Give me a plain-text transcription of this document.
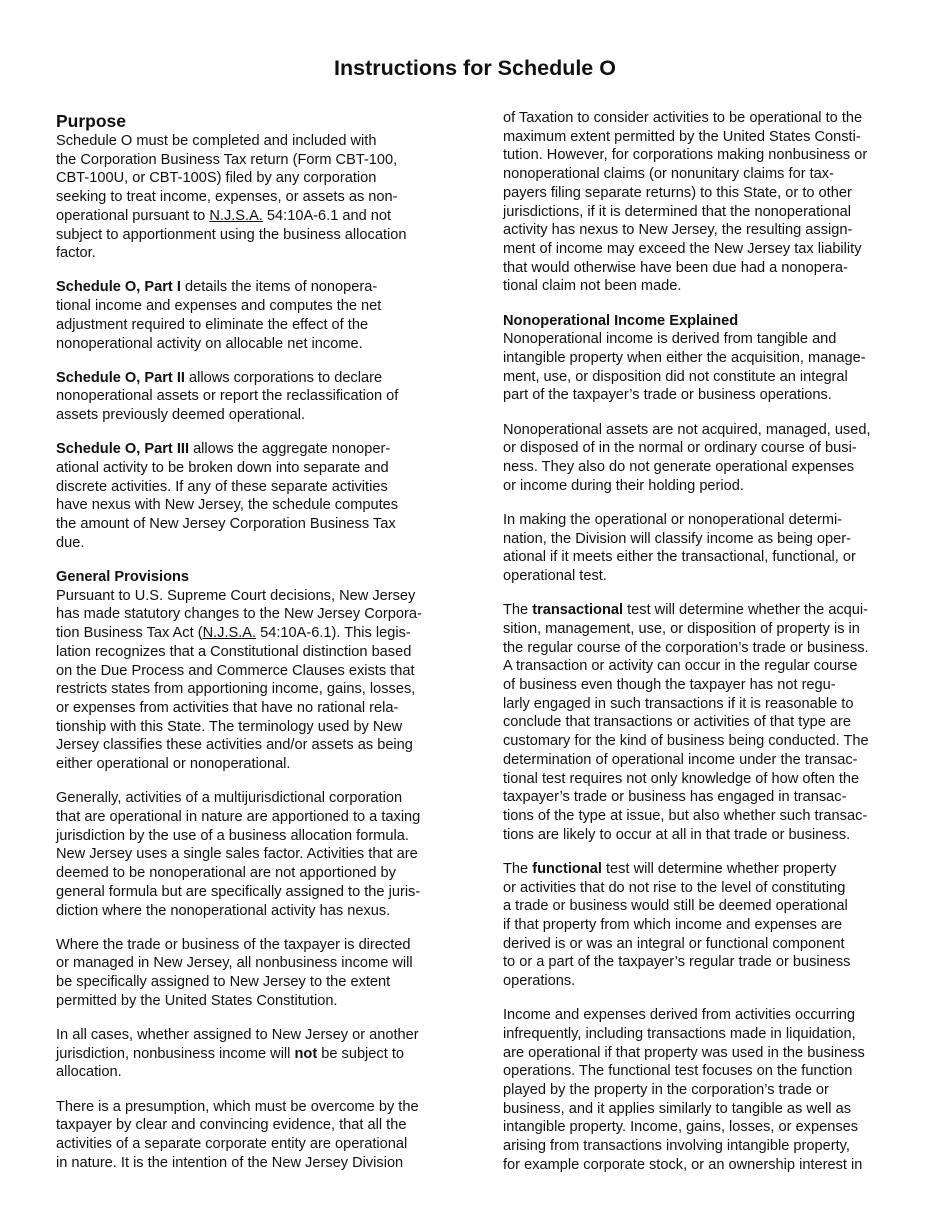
Instructions for Schedule O
Purpose
Schedule O must be completed and included with
the Corporation Business Tax return (Form CBT-100,
CBT-100U, or CBT-100S) filed by any corporation
seeking to treat income, expenses, or assets as non-
operational pursuant to N.J.S.A. 54:10A-6.1 and not
subject to apportionment using the business allocation
factor.
Schedule O, Part I details the items of nonopera-
tional income and expenses and computes the net
adjustment required to eliminate the effect of the
nonoperational activity on allocable net income.
Schedule O, Part II allows corporations to declare
nonoperational assets or report the reclassification of
assets previously deemed operational.
Schedule O, Part III allows the aggregate nonoper-
ational activity to be broken down into separate and
discrete activities. If any of these separate activities
have nexus with New Jersey, the schedule computes
the amount of New Jersey Corporation Business Tax
due.
General Provisions
Pursuant to U.S. Supreme Court decisions, New Jersey
has made statutory changes to the New Jersey Corpora-
tion Business Tax Act (N.J.S.A. 54:10A-6.1). This legis-
lation recognizes that a Constitutional distinction based
on the Due Process and Commerce Clauses exists that
restricts states from apportioning income, gains, losses,
or expenses from activities that have no rational rela-
tionship with this State. The terminology used by New
Jersey classifies these activities and/or assets as being
either operational or nonoperational.
Generally, activities of a multijurisdictional corporation
that are operational in nature are apportioned to a taxing
jurisdiction by the use of a business allocation formula.
New Jersey uses a single sales factor. Activities that are
deemed to be nonoperational are not apportioned by
general formula but are specifically assigned to the juris-
diction where the nonoperational activity has nexus.
Where the trade or business of the taxpayer is directed
or managed in New Jersey, all nonbusiness income will
be specifically assigned to New Jersey to the extent
permitted by the United States Constitution.
In all cases, whether assigned to New Jersey or another
jurisdiction, nonbusiness income will not be subject to
allocation.
There is a presumption, which must be overcome by the
taxpayer by clear and convincing evidence, that all the
activities of a separate corporate entity are operational
in nature. It is the intention of the New Jersey Division
of Taxation to consider activities to be operational to the
maximum extent permitted by the United States Consti-
tution. However, for corporations making nonbusiness or
nonoperational claims (or nonunitary claims for tax-
payers filing separate returns) to this State, or to other
jurisdictions, if it is determined that the nonoperational
activity has nexus to New Jersey, the resulting assign-
ment of income may exceed the New Jersey tax liability
that would otherwise have been due had a nonopera-
tional claim not been made.
Nonoperational Income Explained
Nonoperational income is derived from tangible and
intangible property when either the acquisition, manage-
ment, use, or disposition did not constitute an integral
part of the taxpayer’s trade or business operations.
Nonoperational assets are not acquired, managed, used,
or disposed of in the normal or ordinary course of busi-
ness. They also do not generate operational expenses
or income during their holding period.
In making the operational or nonoperational determi-
nation, the Division will classify income as being oper-
ational if it meets either the transactional, functional, or
operational test.
The transactional test will determine whether the acqui-
sition, management, use, or disposition of property is in
the regular course of the corporation’s trade or business.
A transaction or activity can occur in the regular course
of business even though the taxpayer has not regu-
larly engaged in such transactions if it is reasonable to
conclude that transactions or activities of that type are
customary for the kind of business being conducted. The
determination of operational income under the transac-
tional test requires not only knowledge of how often the
taxpayer’s trade or business has engaged in transac-
tions of the type at issue, but also whether such transac-
tions are likely to occur at all in that trade or business.
The functional test will determine whether property
or activities that do not rise to the level of constituting
a trade or business would still be deemed operational
if that property from which income and expenses are
derived is or was an integral or functional component
to or a part of the taxpayer’s regular trade or business
operations.
Income and expenses derived from activities occurring
infrequently, including transactions made in liquidation,
are operational if that property was used in the business
operations. The functional test focuses on the function
played by the property in the corporation’s trade or
business, and it applies similarly to tangible as well as
intangible property. Income, gains, losses, or expenses
arising from transactions involving intangible property,
for example corporate stock, or an ownership interest in
